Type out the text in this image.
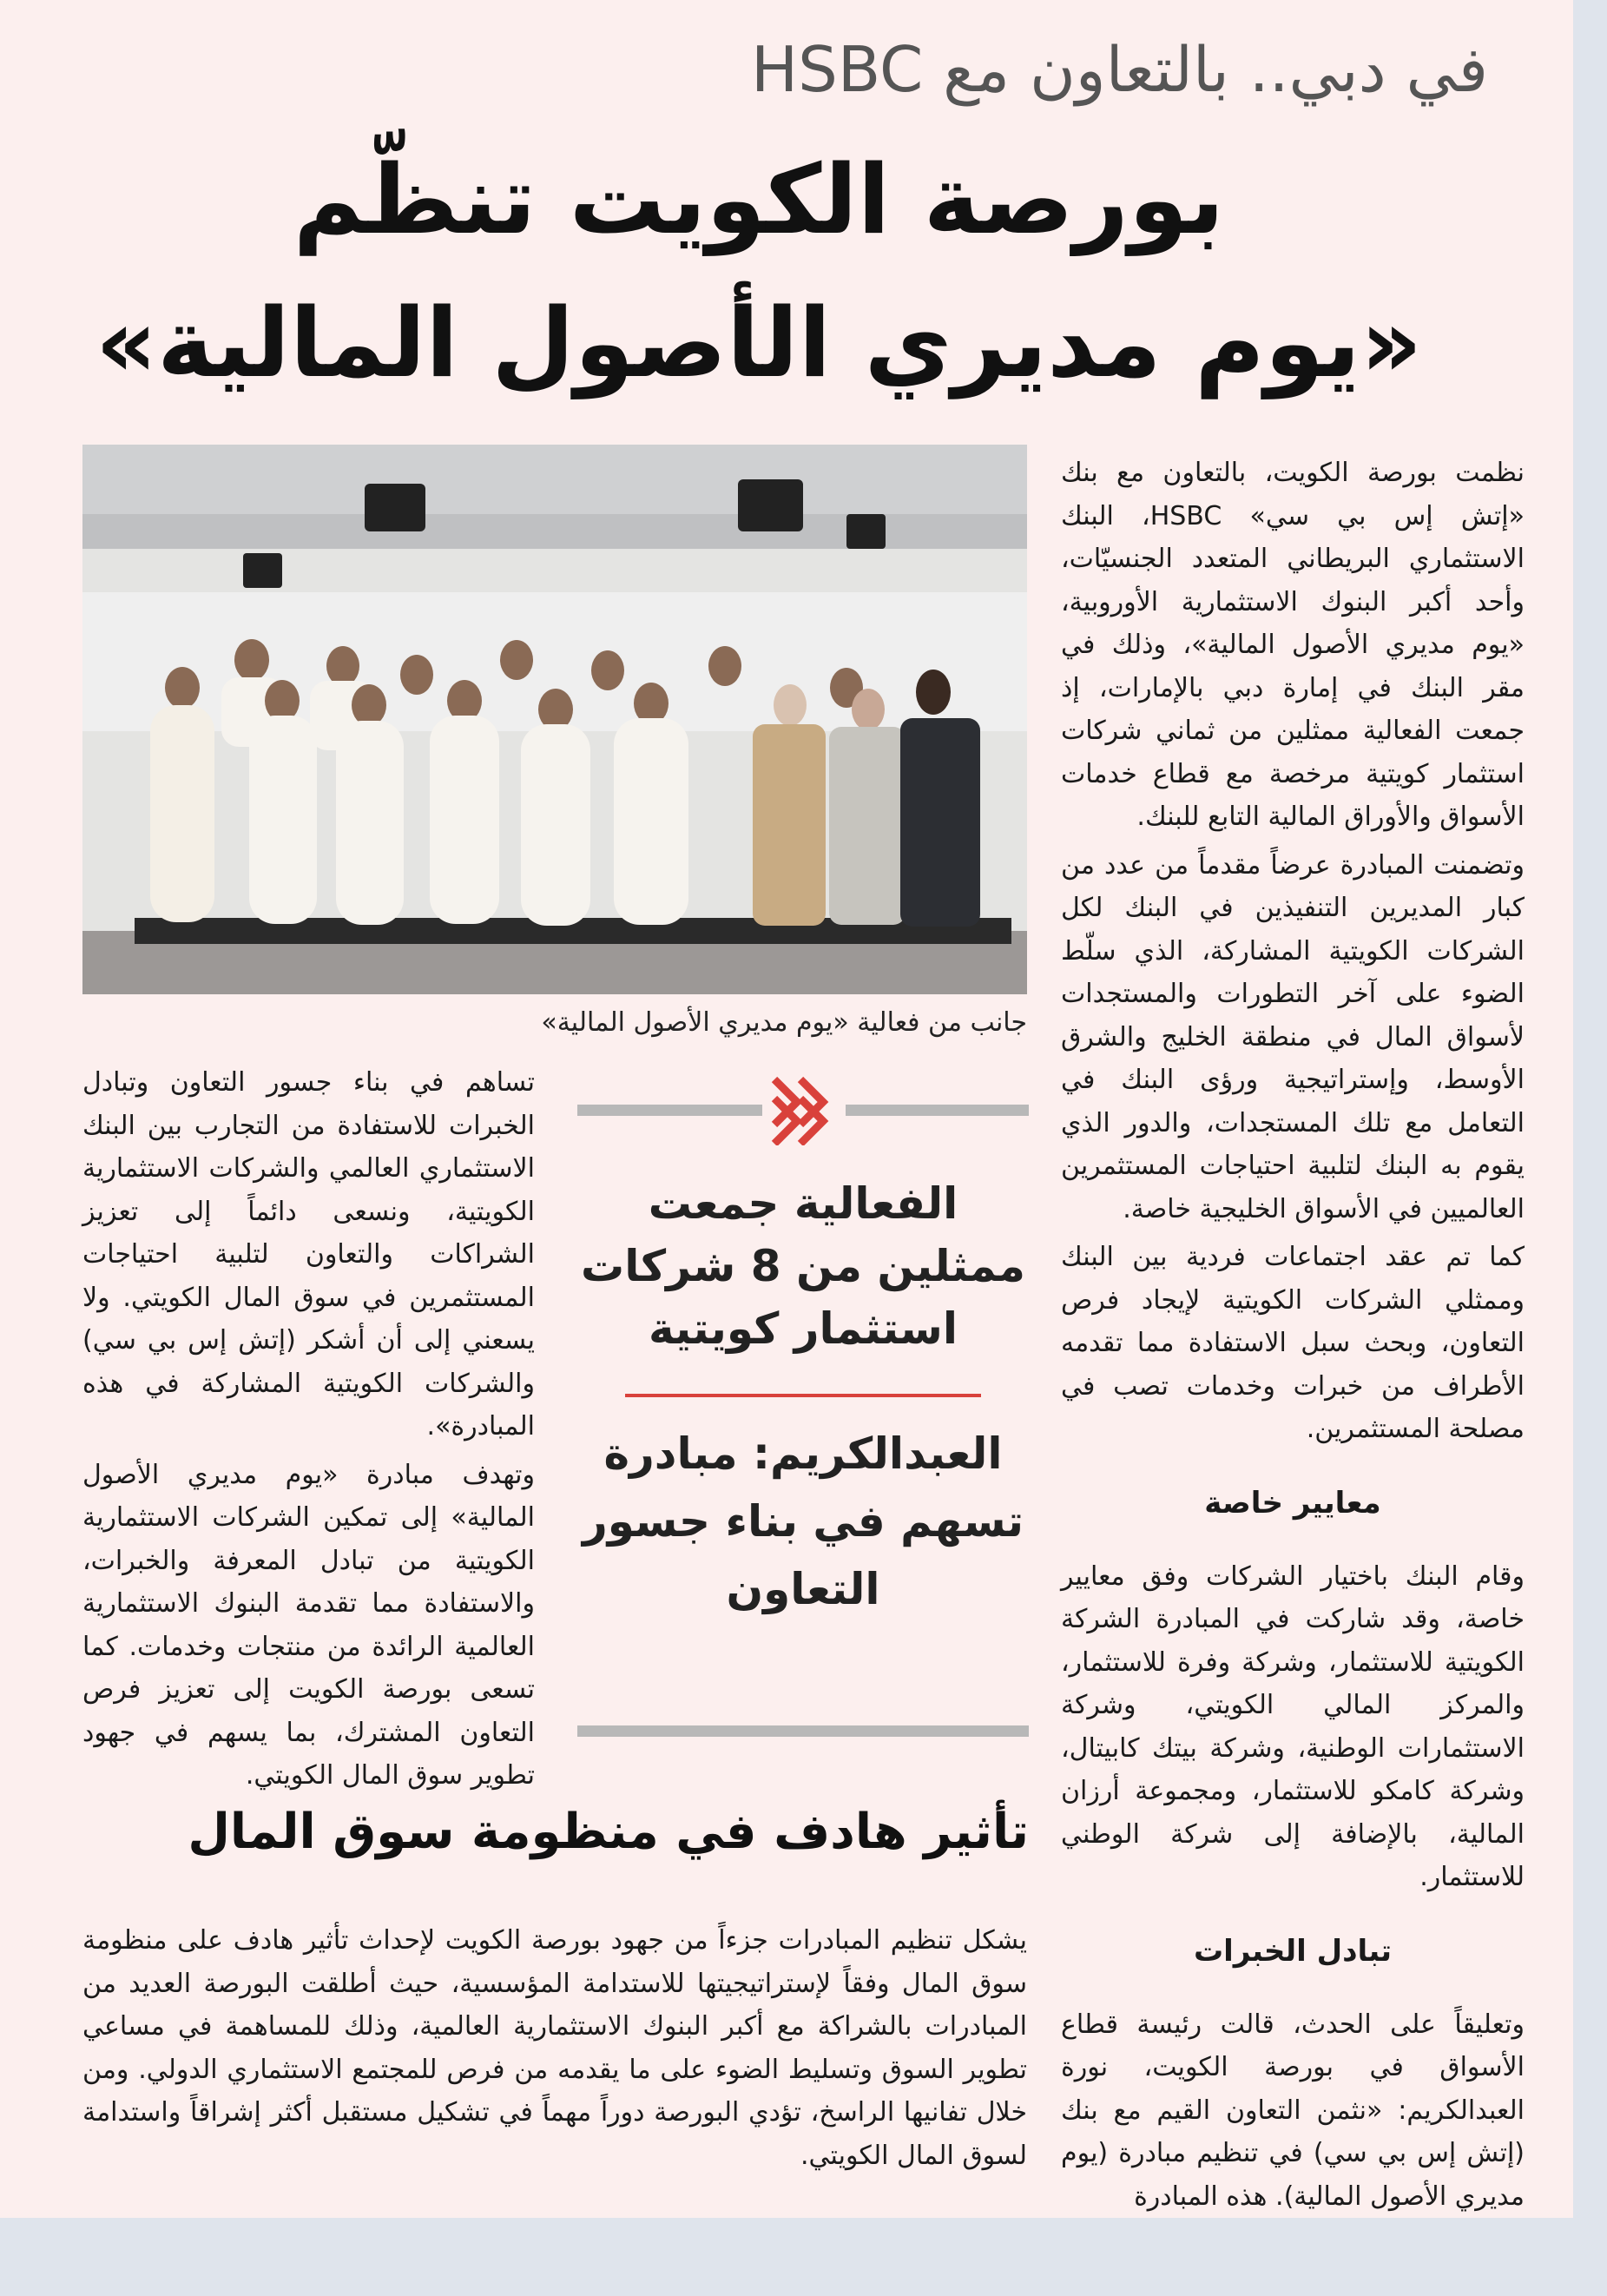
في دبي.. بالتعاون مع HSBC
بورصة الكويت تنظّم
«يوم مديري الأصول المالية»
جانب من فعالية «يوم مديري الأصول المالية»

نظمت بورصة الكويت، بالتعاون مع بنك «إتش إس بي سي» HSBC، البنك الاستثماري البريطاني المتعدد الجنسيّات، وأحد أكبر البنوك الاستثمارية الأوروبية، «يوم مديري الأصول المالية»، وذلك في مقر البنك في إمارة دبي بالإمارات، إذ جمعت الفعالية ممثلين من ثماني شركات استثمار كويتية مرخصة مع قطاع خدمات الأسواق والأوراق المالية التابع للبنك.

وتضمنت المبادرة عرضاً مقدماً من عدد من كبار المديرين التنفيذين في البنك لكل الشركات الكويتية المشاركة، الذي سلّط الضوء على آخر التطورات والمستجدات لأسواق المال في منطقة الخليج والشرق الأوسط، وإستراتيجية ورؤى البنك في التعامل مع تلك المستجدات، والدور الذي يقوم به البنك لتلبية احتياجات المستثمرين العالميين في الأسواق الخليجية خاصة.

كما تم عقد اجتماعات فردية بين البنك وممثلي الشركات الكويتية لإيجاد فرص التعاون، وبحث سبل الاستفادة مما تقدمه الأطراف من خبرات وخدمات تصب في مصلحة المستثمرين.

معايير خاصة

وقام البنك باختيار الشركات وفق معايير خاصة، وقد شاركت في المبادرة الشركة الكويتية للاستثمار، وشركة وفرة للاستثمار، والمركز المالي الكويتي، وشركة الاستثمارات الوطنية، وشركة بيتك كابيتال، وشركة كامكو للاستثمار، ومجموعة أرزان المالية، بالإضافة إلى شركة الوطني للاستثمار.

تبادل الخبرات

وتعليقاً على الحدث، قالت رئيسة قطاع الأسواق في بورصة الكويت، نورة العبدالكريم: «نثمن التعاون القيم مع بنك (إتش إس بي سي) في تنظيم مبادرة (يوم مديري الأصول المالية). هذه المبادرة

الفعالية جمعت ممثلين من 8 شركات استثمار كويتية
العبدالكريم: مبادرة تسهم في بناء جسور التعاون

تساهم في بناء جسور التعاون وتبادل الخبرات للاستفادة من التجارب بين البنك الاستثماري العالمي والشركات الاستثمارية الكويتية، ونسعى دائماً إلى تعزيز الشراكات والتعاون لتلبية احتياجات المستثمرين في سوق المال الكويتي. ولا يسعني إلى أن أشكر (إتش إس بي سي) والشركات الكويتية المشاركة في هذه المبادرة».

وتهدف مبادرة «يوم مديري الأصول المالية» إلى تمكين الشركات الاستثمارية الكويتية من تبادل المعرفة والخبرات، والاستفادة مما تقدمة البنوك الاستثمارية العالمية الرائدة من منتجات وخدمات. كما تسعى بورصة الكويت إلى تعزيز فرص التعاون المشترك، بما يسهم في جهود تطوير سوق المال الكويتي.

تأثير هادف في منظومة سوق المال

يشكل تنظيم المبادرات جزءاً من جهود بورصة الكويت لإحداث تأثير هادف على منظومة سوق المال وفقاً لإستراتيجيتها للاستدامة المؤسسية، حيث أطلقت البورصة العديد من المبادرات بالشراكة مع أكبر البنوك الاستثمارية العالمية، وذلك للمساهمة في مساعي تطوير السوق وتسليط الضوء على ما يقدمه من فرص للمجتمع الاستثماري الدولي. ومن خلال تفانيها الراسخ، تؤدي البورصة دوراً مهماً في تشكيل مستقبل أكثر إشراقاً واستدامة لسوق المال الكويتي.
